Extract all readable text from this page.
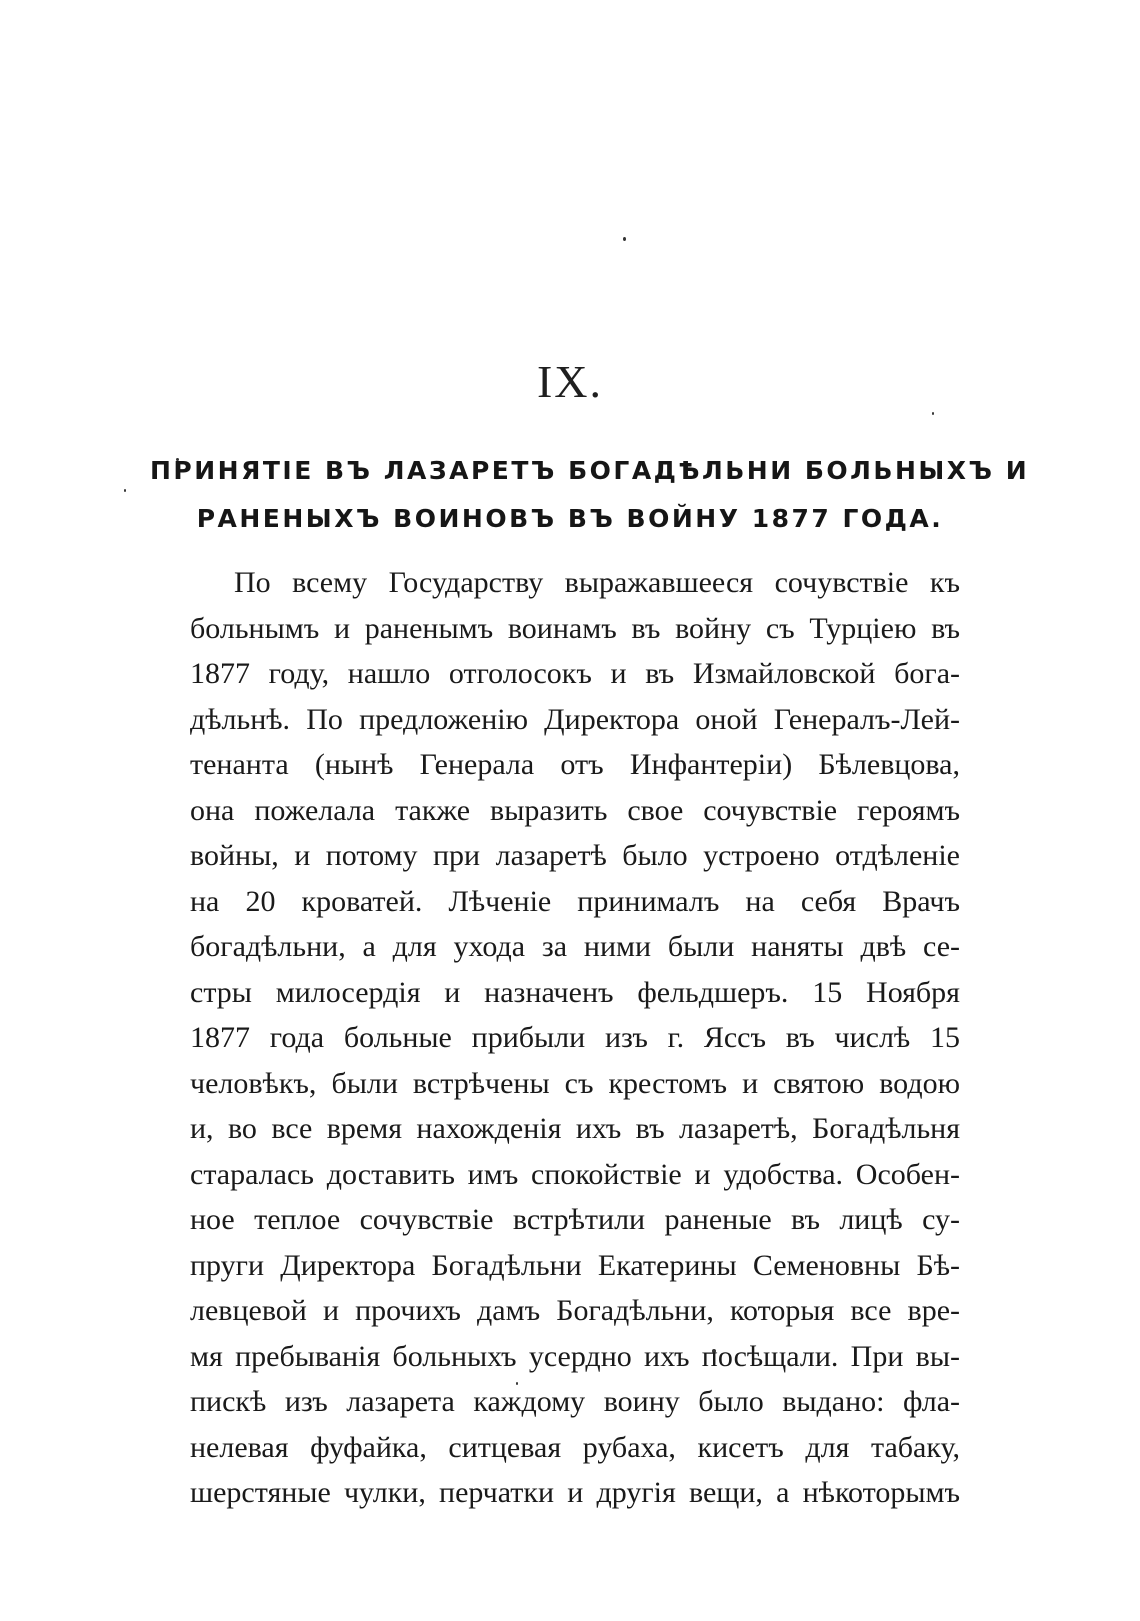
IX.
ПРИНЯТІЕ ВЪ ЛАЗАРЕТЪ БОГАДѢЛЬНИ БОЛЬНЫХЪ И
РАНЕНЫХЪ ВОИНОВЪ ВЪ ВОЙНУ 1877 ГОДА.
По всему Государству выражавшееся сочувствіе къ
больнымъ и раненымъ воинамъ въ войну съ Турціею въ
1877 году, нашло отголосокъ и въ Измайловской бога-
дѣльнѣ. По предложенію Директора оной Генералъ-Лей-
тенанта (нынѣ Генерала отъ Инфантеріи) Бѣлевцова,
она пожелала также выразить свое сочувствіе героямъ
войны, и потому при лазаретѣ было устроено отдѣленіе
на 20 кроватей. Лѣченіе принималъ на себя Врачъ
богадѣльни, а для ухода за ними были наняты двѣ се-
стры милосердія и назначенъ фельдшеръ. 15 Ноября
1877 года больные прибыли изъ г. Яссъ въ числѣ 15
человѣкъ, были встрѣчены съ крестомъ и святою водою
и, во все время нахожденія ихъ въ лазаретѣ, Богадѣльня
старалась доставить имъ спокойствіе и удобства. Особен-
ное теплое сочувствіе встрѣтили раненые въ лицѣ су-
пруги Директора Богадѣльни Екатерины Семеновны Бѣ-
левцевой и прочихъ дамъ Богадѣльни, которыя все вре-
мя пребыванія больныхъ усердно ихъ посѣщали. При вы-
пискѣ изъ лазарета каждому воину было выдано: фла-
нелевая фуфайка, ситцевая рубаха, кисетъ для табаку,
шерстяные чулки, перчатки и другія вещи, а нѣкоторымъ
